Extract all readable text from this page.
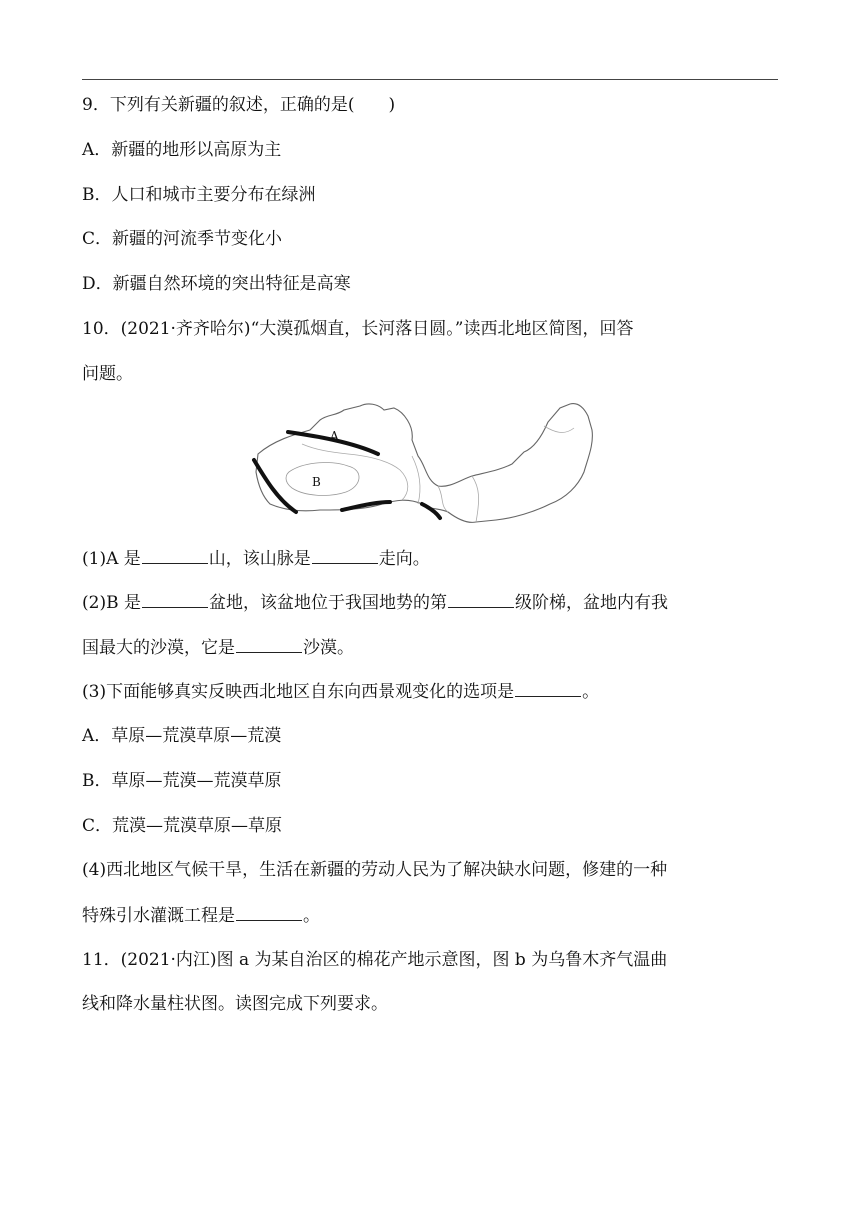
9．下列有关新疆的叙述，正确的是( )
A．新疆的地形以高原为主
B．人口和城市主要分布在绿洲
C．新疆的河流季节变化小
D．新疆自然环境的突出特征是高寒
10．(2021·齐齐哈尔)“大漠孤烟直，长河落日圆。”读西北地区简图，回答
问题。
A
B
(1)A 是	山，该山脉是	走向。
(2)B 是	盆地，该盆地位于我国地势的第	级阶梯，盆地内有我
国最大的沙漠，它是	沙漠。
(3)下面能够真实反映西北地区自东向西景观变化的选项是	。
A．草原—荒漠草原—荒漠
B．草原—荒漠—荒漠草原
C．荒漠—荒漠草原—草原
(4)西北地区气候干旱，生活在新疆的劳动人民为了解决缺水问题，修建的一种
特殊引水灌溉工程是	。
11．(2021·内江)图 a 为某自治区的棉花产地示意图，图 b 为乌鲁木齐气温曲
线和降水量柱状图。读图完成下列要求。
